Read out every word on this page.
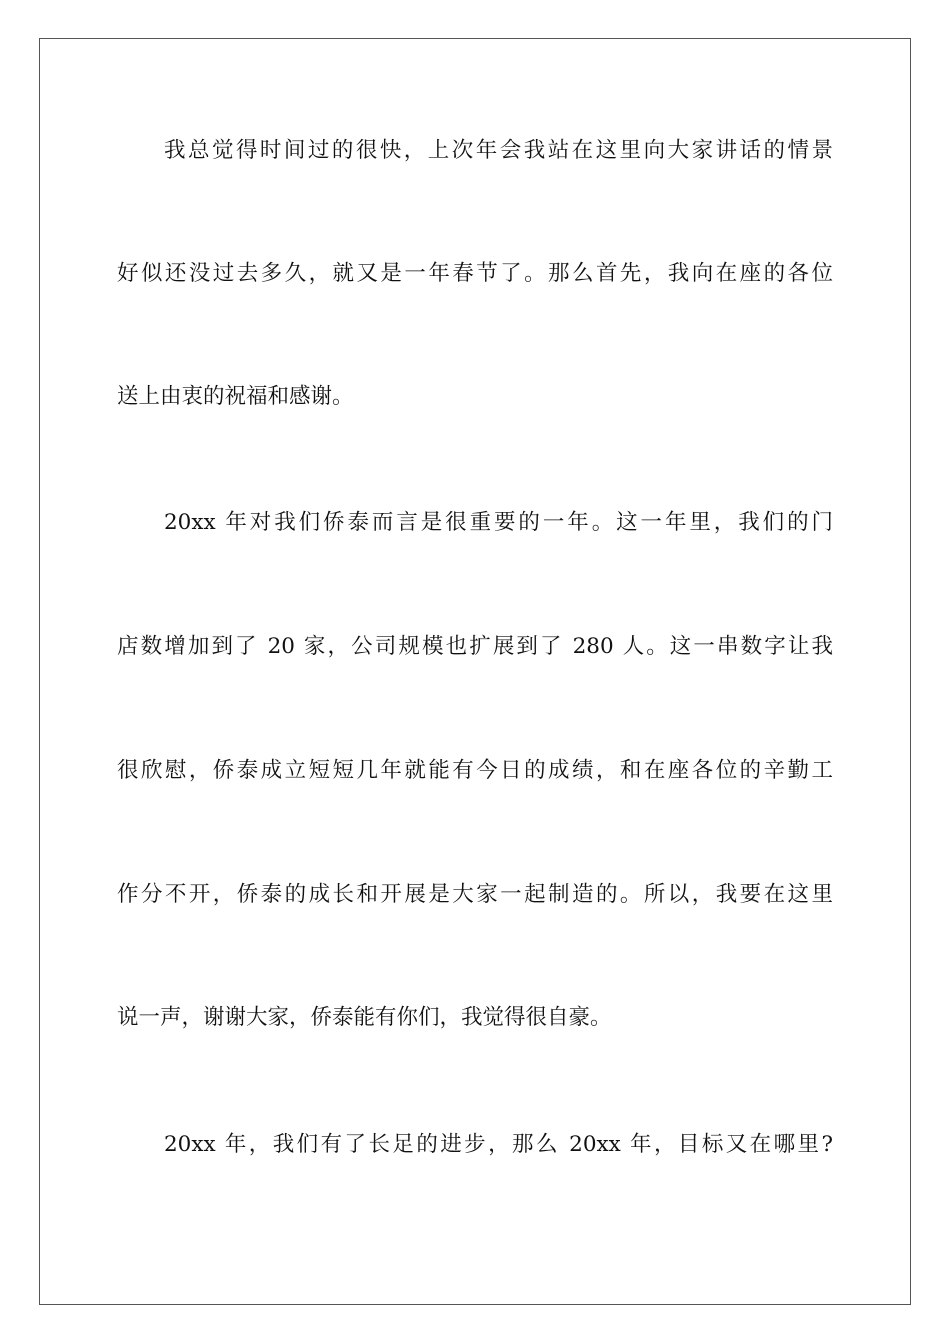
我总觉得时间过的很快，上次年会我站在这里向大家讲话的情景
好似还没过去多久，就又是一年春节了。那么首先，我向在座的各位
送上由衷的祝福和感谢。
20xx 年对我们侨泰而言是很重要的一年。这一年里，我们的门
店数增加到了 20 家，公司规模也扩展到了 280 人。这一串数字让我
很欣慰，侨泰成立短短几年就能有今日的成绩，和在座各位的辛勤工
作分不开，侨泰的成长和开展是大家一起制造的。所以，我要在这里
说一声，谢谢大家，侨泰能有你们，我觉得很自豪。
20xx 年，我们有了长足的进步，那么 20xx 年，目标又在哪里?
